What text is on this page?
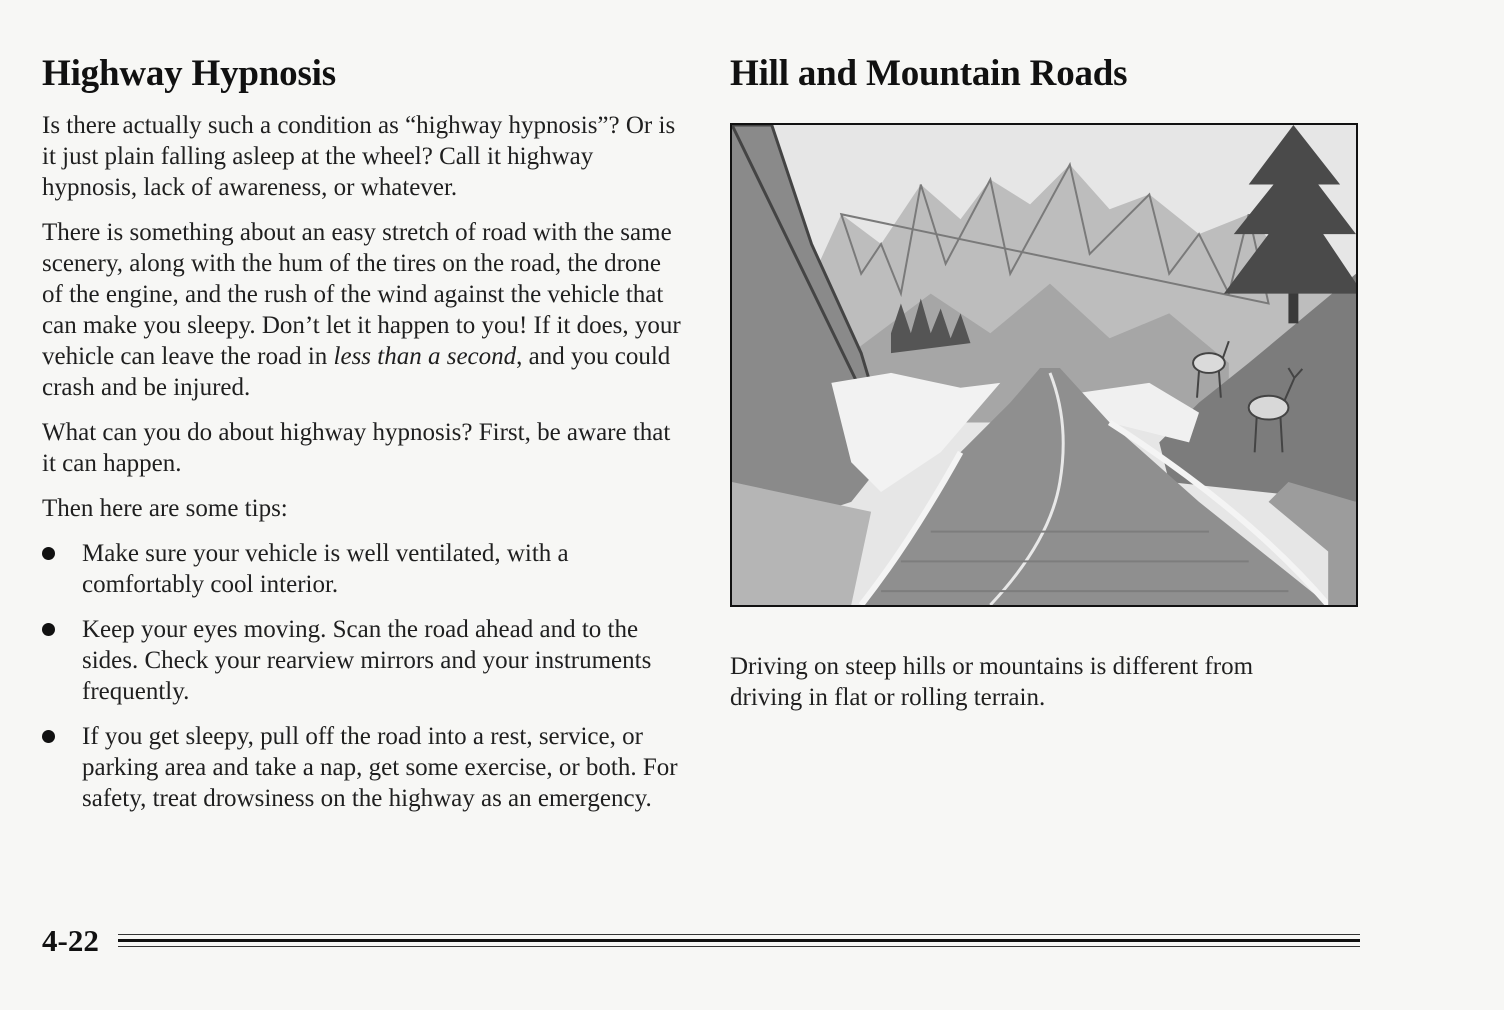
Highway Hypnosis

Is there actually such a condition as “highway hypnosis”? Or is it just plain falling asleep at the wheel? Call it highway hypnosis, lack of awareness, or whatever.

There is something about an easy stretch of road with the same scenery, along with the hum of the tires on the road, the drone of the engine, and the rush of the wind against the vehicle that can make you sleepy. Don’t let it happen to you! If it does, your vehicle can leave the road in less than a second, and you could crash and be injured.

What can you do about highway hypnosis? First, be aware that it can happen.

Then here are some tips:

Make sure your vehicle is well ventilated, with a comfortably cool interior.
Keep your eyes moving. Scan the road ahead and to the sides. Check your rearview mirrors and your instruments frequently.
If you get sleepy, pull off the road into a rest, service, or parking area and take a nap, get some exercise, or both. For safety, treat drowsiness on the highway as an emergency.
Hill and Mountain Roads

Driving on steep hills or mountains is different from driving in flat or rolling terrain.

4-22
